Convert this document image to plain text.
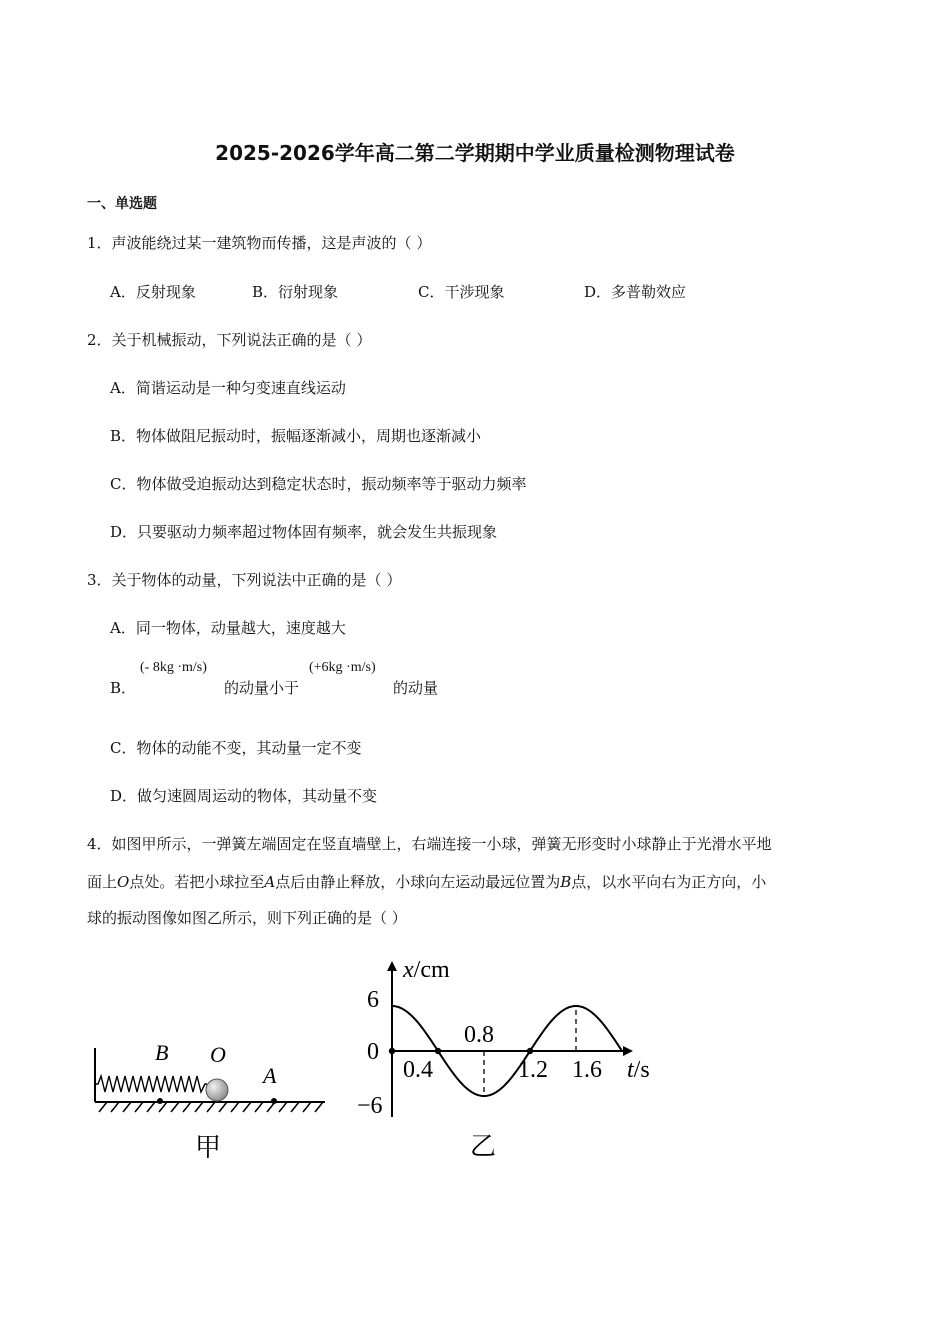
2025-2026学年高二第二学期期中学业质量检测物理试卷
一、单选题
1．声波能绕过某一建筑物而传播，这是声波的（ ）
A．反射现象	B．衍射现象	C．干涉现象	D．多普勒效应
2．关于机械振动，下列说法正确的是（ ）
A．简谐运动是一种匀变速直线运动
B．物体做阻尼振动时，振幅逐渐减小，周期也逐渐减小
C．物体做受迫振动达到稳定状态时，振动频率等于驱动力频率
D．只要驱动力频率超过物体固有频率，就会发生共振现象
3．关于物体的动量，下列说法中正确的是（ ）
A．同一物体，动量越大，速度越大
B．
(- 8kg ·m/s)
的动量小于
(+6kg ·m/s)
的动量
C．物体的动能不变，其动量一定不变
D．做匀速圆周运动的物体，其动量不变
4．如图甲所示，一弹簧左端固定在竖直墙壁上，右端连接一小球，弹簧无形变时小球静止于光滑水平地
面上O点处。若把小球拉至A点后由静止释放，小球向左运动最远位置为B点，以水平向右为正方向，小
球的振动图像如图乙所示，则下列正确的是（ ）
B O
A
甲
x/cm
t/s
6
0
−6
0.4
0.8
1.2 1.6
乙
